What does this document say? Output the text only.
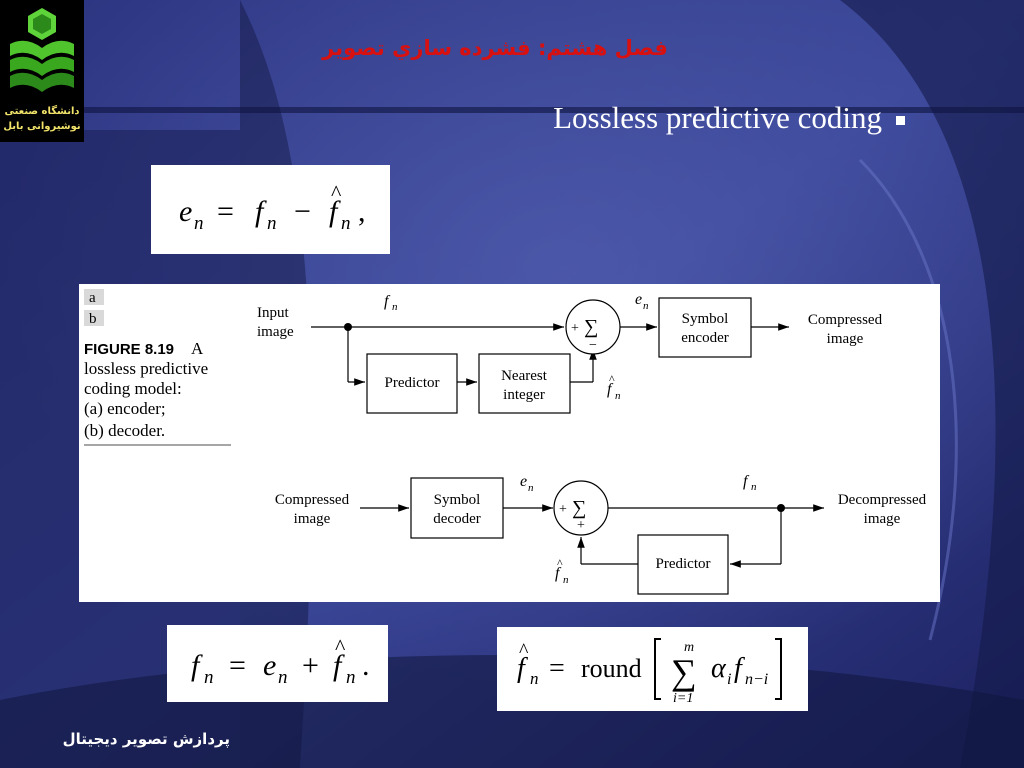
دانشگاه صنعتی
نوشیروانی بابل
فصل هشتم: فشرده سازي تصوير
Lossless predictive coding
e n = f n − f
^
n ,
a
b
FIGURE 8.19 A
lossless predictive
coding model:
(a) encoder;
(b) decoder.
Input
image
f n
Predictor	Nearest
integer	f
^
n
+ ∑
−
e n
Symbol
encoder
Compressed
image
Compressed
image
Symbol
decoder
e n
+ ∑
+
f n
Decompressed
image
Predictor
f
^
n
f n = e n + f
^
n .	f
^
n = round
m
∑
i=1
α i f n−i
پردازش تصوير ديجيتال
